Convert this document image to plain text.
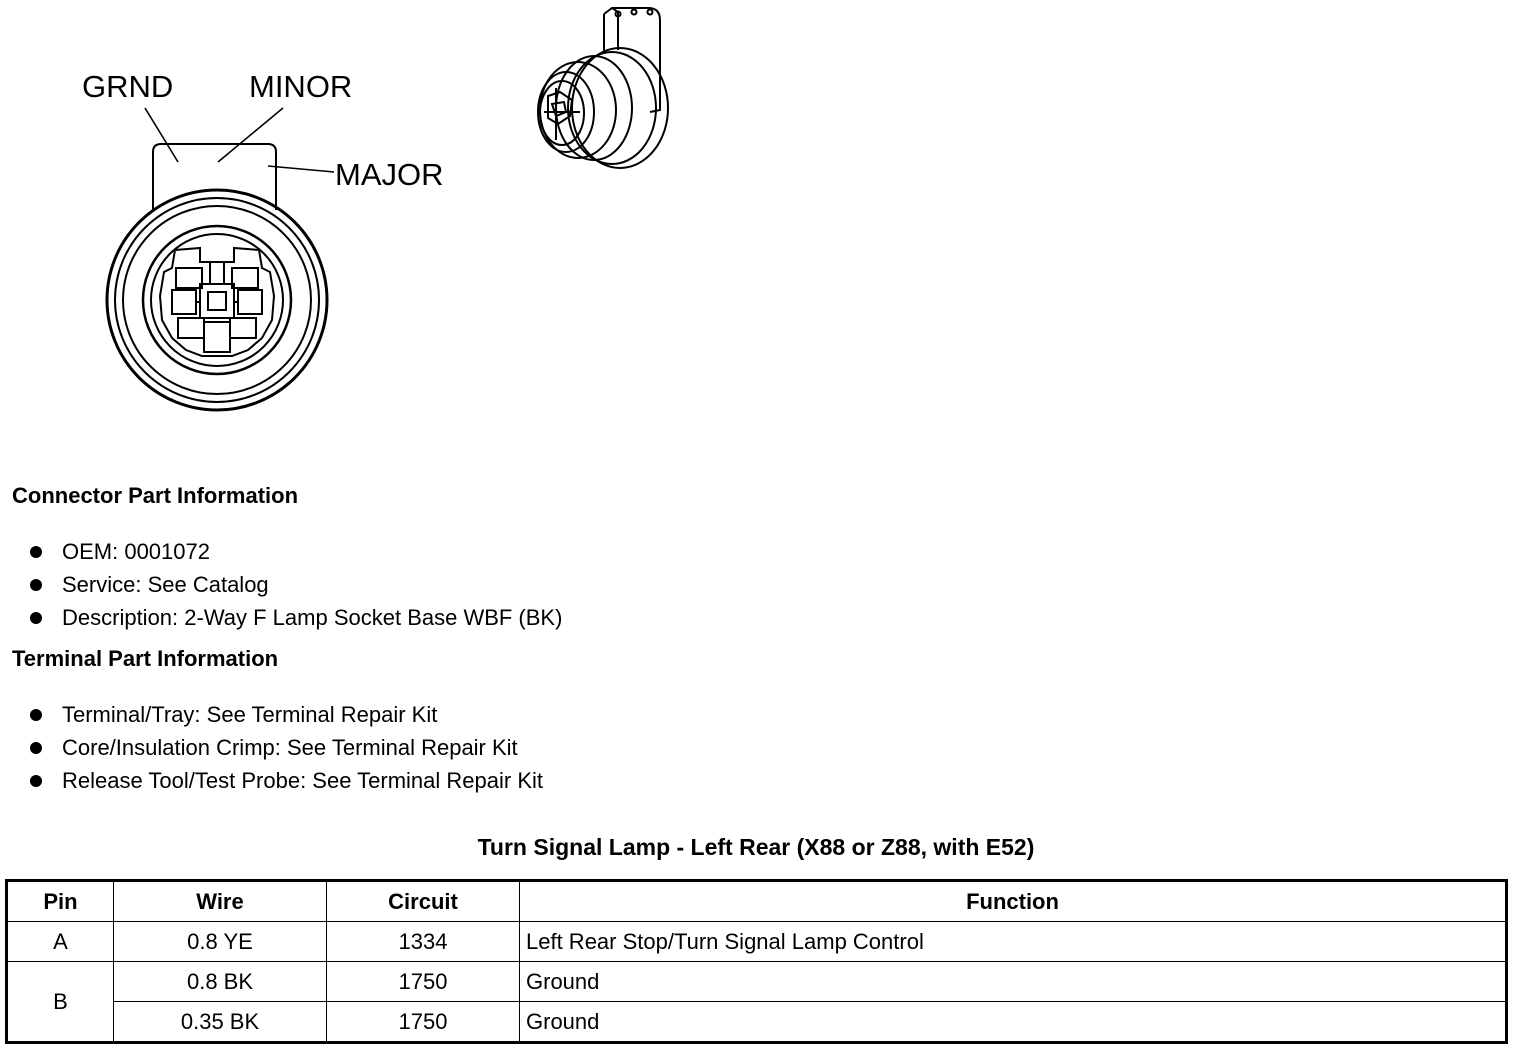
GRND MINOR
MAJOR
Connector Part Information
OEM: 0001072
Service: See Catalog
Description: 2-Way F Lamp Socket Base WBF (BK)
Terminal Part Information
Terminal/Tray: See Terminal Repair Kit
Core/Insulation Crimp: See Terminal Repair Kit
Release Tool/Test Probe: See Terminal Repair Kit
Turn Signal Lamp - Left Rear (X88 or Z88, with E52)
Pin	Wire	Circuit	Function
A	0.8 YE	1334	Left Rear Stop/Turn Signal Lamp Control
B	0.8 BK	1750	Ground
	0.35 BK	1750	Ground
